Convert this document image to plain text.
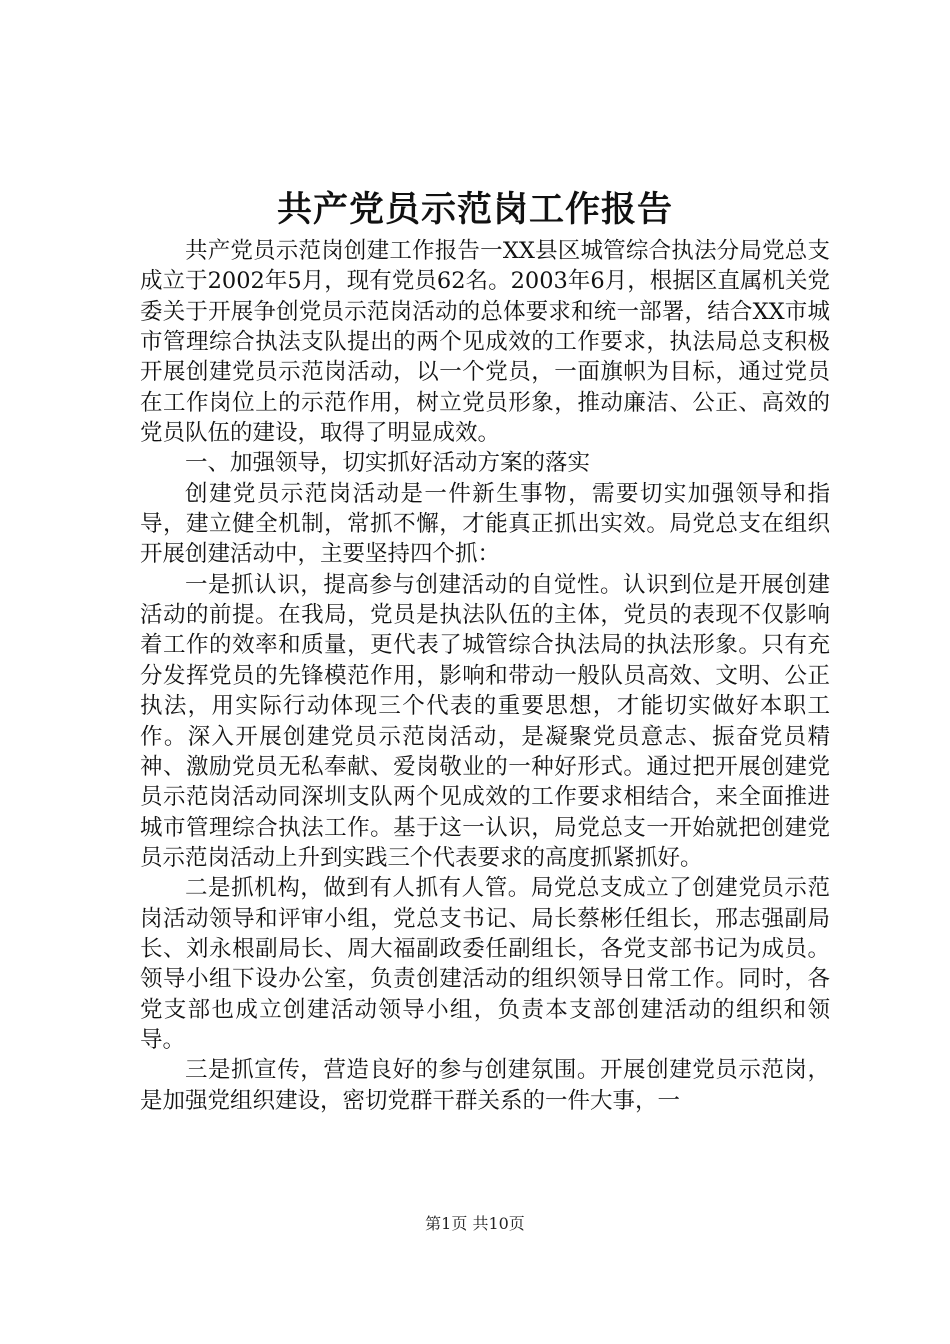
共产党员示范岗工作报告

共产党员示范岗创建工作报告一XX县区城管综合执法分局党总支成立于2002年5月，现有党员62名。2003年6月，根据区直属机关党委关于开展争创党员示范岗活动的总体要求和统一部署，结合XX市城市管理综合执法支队提出的两个见成效的工作要求，执法局总支积极开展创建党员示范岗活动，以一个党员，一面旗帜为目标，通过党员在工作岗位上的示范作用，树立党员形象，推动廉洁、公正、高效的党员队伍的建设，取得了明显成效。

一、加强领导，切实抓好活动方案的落实

创建党员示范岗活动是一件新生事物，需要切实加强领导和指导，建立健全机制，常抓不懈，才能真正抓出实效。局党总支在组织开展创建活动中，主要坚持四个抓：

一是抓认识，提高参与创建活动的自觉性。认识到位是开展创建活动的前提。在我局，党员是执法队伍的主体，党员的表现不仅影响着工作的效率和质量，更代表了城管综合执法局的执法形象。只有充分发挥党员的先锋模范作用，影响和带动一般队员高效、文明、公正执法，用实际行动体现三个代表的重要思想，才能切实做好本职工作。深入开展创建党员示范岗活动，是凝聚党员意志、振奋党员精神、激励党员无私奉献、爱岗敬业的一种好形式。通过把开展创建党员示范岗活动同深圳支队两个见成效的工作要求相结合，来全面推进城市管理综合执法工作。基于这一认识，局党总支一开始就把创建党员示范岗活动上升到实践三个代表要求的高度抓紧抓好。

二是抓机构，做到有人抓有人管。局党总支成立了创建党员示范岗活动领导和评审小组，党总支书记、局长蔡彬任组长，邢志强副局长、刘永根副局长、周大福副政委任副组长，各党支部书记为成员。领导小组下设办公室，负责创建活动的组织领导日常工作。同时，各党支部也成立创建活动领导小组，负责本支部创建活动的组织和领导。

三是抓宣传，营造良好的参与创建氛围。开展创建党员示范岗，是加强党组织建设，密切党群干群关系的一件大事，一

第1页 共10页
